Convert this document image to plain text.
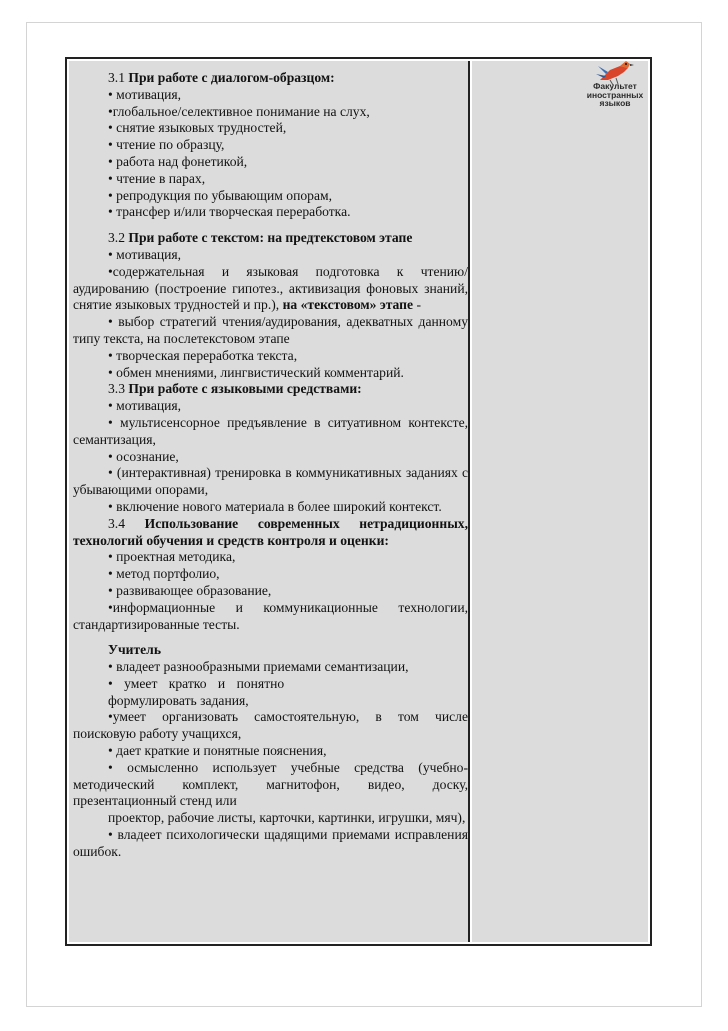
3.1 При работе с диалогом-образцом:

• мотивация,

•глобальное/селективное понимание на слух,

• снятие языковых трудностей,

• чтение по образцу,

• работа над фонетикой,

• чтение в парах,

• репродукция по убывающим опорам,

• трансфер и/или творческая переработка.

3.2 При работе с текстом: на предтекстовом этапе

• мотивация,

•содержательная и языковая подготовка к чтению/аудированию (построение гипотез., активизация фоновых знаний, снятие языковых трудностей и пр.), на «текстовом» этапе -

• выбор стратегий чтения/аудирования, адекватных данному типу текста, на послетекстовом этапе

• творческая переработка текста,

• обмен мнениями, лингвистический комментарий.

3.3 При работе с языковыми средствами:

• мотивация,

• мультисенсорное предъявление в ситуативном контексте, семантизация,

• осознание,

• (интерактивная) тренировка в коммуникативных заданиях с убывающими опорами,

• включение нового материала в более широкий контекст.

3.4 Использование современных нетрадиционных, технологий обучения и средств контроля и оценки:

• проектная методика,

• метод портфолио,

• развивающее образование,

•информационные и коммуникационные технологии, стандартизированные тесты.

Учитель

• владеет разнообразными приемами семантизации,

• умеет кратко и понятно

формулировать задания,

•умеет организовать самостоятельную, в том числе поисковую работу учащихся,

• дает краткие и понятные пояснения,

• осмысленно использует учебные средства (учебно-методический комплект, магнитофон, видео, доску, презентационный стенд или

проектор, рабочие листы, карточки, картинки, игрушки, мяч),

• владеет психологически щадящими приемами исправления ошибок.

Факультет
иностранных
языков
